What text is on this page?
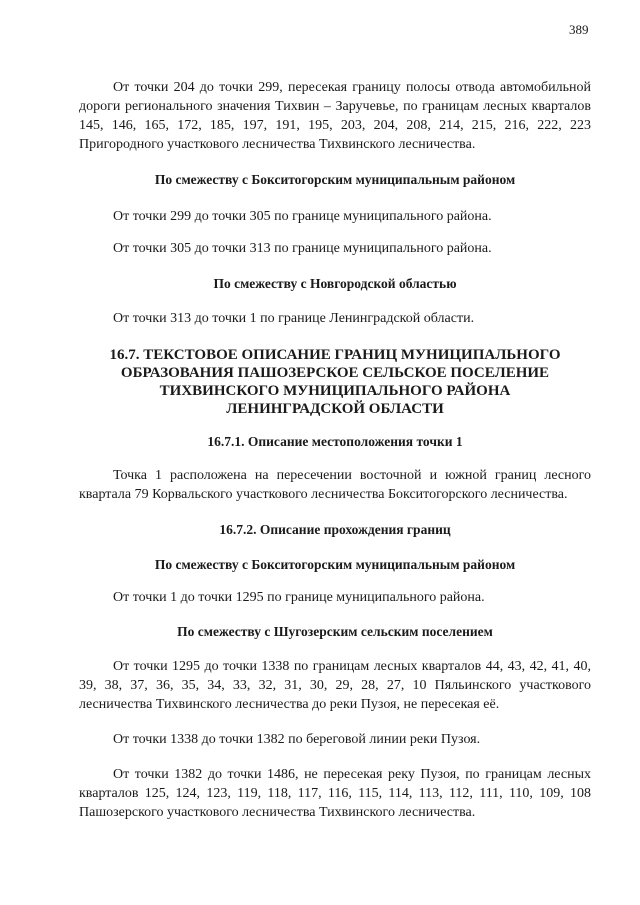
389

От точки 204 до точки 299, пересекая границу полосы отвода автомобильной дороги регионального значения Тихвин – Заручевье, по границам лесных кварталов 145, 146, 165, 172, 185, 197, 191, 195, 203, 204, 208, 214, 215, 216, 222, 223 Пригородного участкового лесничества Тихвинского лесничества.

По смежеству с Бокситогорским муниципальным районом

От точки 299 до точки 305 по границе муниципального района.

От точки 305 до точки 313 по границе муниципального района.

По смежеству с Новгородской областью

От точки 313 до точки 1 по границе Ленинградской области.

16.7. ТЕКСТОВОЕ ОПИСАНИЕ ГРАНИЦ МУНИЦИПАЛЬНОГО ОБРАЗОВАНИЯ ПАШОЗЕРСКОЕ СЕЛЬСКОЕ ПОСЕЛЕНИЕ ТИХВИНСКОГО МУНИЦИПАЛЬНОГО РАЙОНА ЛЕНИНГРАДСКОЙ ОБЛАСТИ

16.7.1. Описание местоположения точки 1

Точка 1 расположена на пересечении восточной и южной границ лесного квартала 79 Корвальского участкового лесничества Бокситогорского лесничества.

16.7.2. Описание прохождения границ

По смежеству с Бокситогорским муниципальным районом

От точки 1 до точки 1295 по границе муниципального района.

По смежеству с Шугозерским сельским поселением

От точки 1295 до точки 1338 по границам лесных кварталов 44, 43, 42, 41, 40, 39, 38, 37, 36, 35, 34, 33, 32, 31, 30, 29, 28, 27, 10 Пяльинского участкового лесничества Тихвинского лесничества до реки Пузоя, не пересекая её.

От точки 1338 до точки 1382 по береговой линии реки Пузоя.

От точки 1382 до точки 1486, не пересекая реку Пузоя, по границам лесных кварталов 125, 124, 123, 119, 118, 117, 116, 115, 114, 113, 112, 111, 110, 109, 108 Пашозерского участкового лесничества Тихвинского лесничества.
